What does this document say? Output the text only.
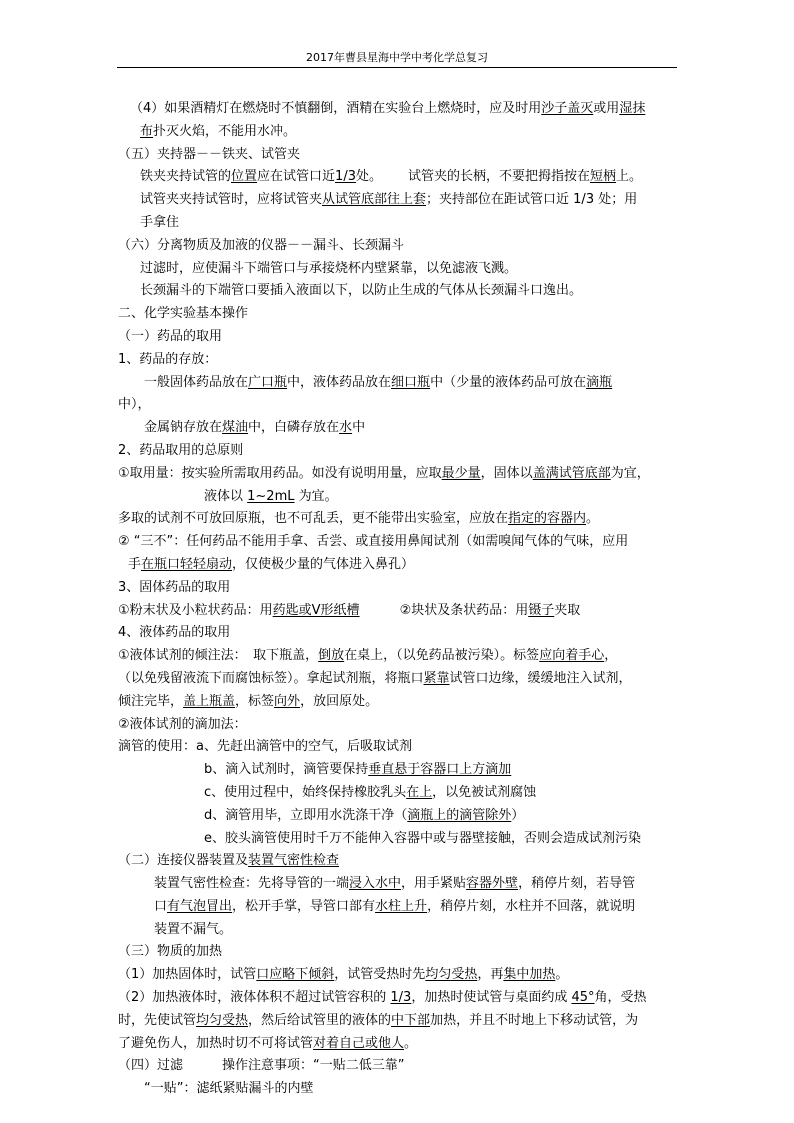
2017年曹县星海中学中考化学总复习
（4）如果酒精灯在燃烧时不慎翻倒，酒精在实验台上燃烧时，应及时用沙子盖灭或用湿抹
布扑灭火焰，不能用水冲。
（五）夹持器－－铁夹、试管夹
铁夹夹持试管的位置应在试管口近1/3处。 试管夹的长柄，不要把拇指按在短柄上。
试管夹夹持试管时，应将试管夹从试管底部往上套；夹持部位在距试管口近 1/3 处；用
手拿住
（六）分离物质及加液的仪器－－漏斗、长颈漏斗
过滤时，应使漏斗下端管口与承接烧杯内壁紧靠，以免滤液飞溅。
长颈漏斗的下端管口要插入液面以下，以防止生成的气体从长颈漏斗口逸出。
二、化学实验基本操作
（一）药品的取用
1、药品的存放：
一般固体药品放在广口瓶中，液体药品放在细口瓶中（少量的液体药品可放在滴瓶
中），
金属钠存放在煤油中，白磷存放在水中
2、药品取用的总原则
①取用量：按实验所需取用药品。如没有说明用量，应取最少量，固体以盖满试管底部为宜，
液体以 1~2mL 为宜。
多取的试剂不可放回原瓶，也不可乱丢，更不能带出实验室，应放在指定的容器内。
② “三不”：任何药品不能用手拿、舌尝、或直接用鼻闻试剂（如需嗅闻气体的气味，应用
手在瓶口轻轻扇动，仅使极少量的气体进入鼻孔）
3、固体药品的取用
①粉末状及小粒状药品：用药匙或V形纸槽	②块状及条状药品：用镊子夹取
4、液体药品的取用
①液体试剂的倾注法：　取下瓶盖，倒放在桌上，（以免药品被污染）。标签应向着手心，
（以免残留液流下而腐蚀标签）。拿起试剂瓶，将瓶口紧靠试管口边缘，缓缓地注入试剂，
倾注完毕，盖上瓶盖，标签向外，放回原处。
②液体试剂的滴加法：
滴管的使用：a、先赶出滴管中的空气，后吸取试剂
b、滴入试剂时，滴管要保持垂直悬于容器口上方滴加
c、使用过程中，始终保持橡胶乳头在上，以免被试剂腐蚀
d、滴管用毕，立即用水洗涤干净（滴瓶上的滴管除外）
e、胶头滴管使用时千万不能伸入容器中或与器壁接触，否则会造成试剂污染
（二）连接仪器装置及装置气密性检查
装置气密性检查：先将导管的一端浸入水中，用手紧贴容器外壁，稍停片刻，若导管
口有气泡冒出，松开手掌，导管口部有水柱上升，稍停片刻，水柱并不回落，就说明
装置不漏气。
（三）物质的加热
（1）加热固体时，试管口应略下倾斜，试管受热时先均匀受热，再集中加热。
（2）加热液体时，液体体积不超过试管容积的 1/3，加热时使试管与桌面约成 45°角，受热
时，先使试管均匀受热，然后给试管里的液体的中下部加热，并且不时地上下移动试管，为
了避免伤人，加热时切不可将试管对着自己或他人。
（四）过滤　　　操作注意事项：“一贴二低三靠”
“一贴”：滤纸紧贴漏斗的内壁
